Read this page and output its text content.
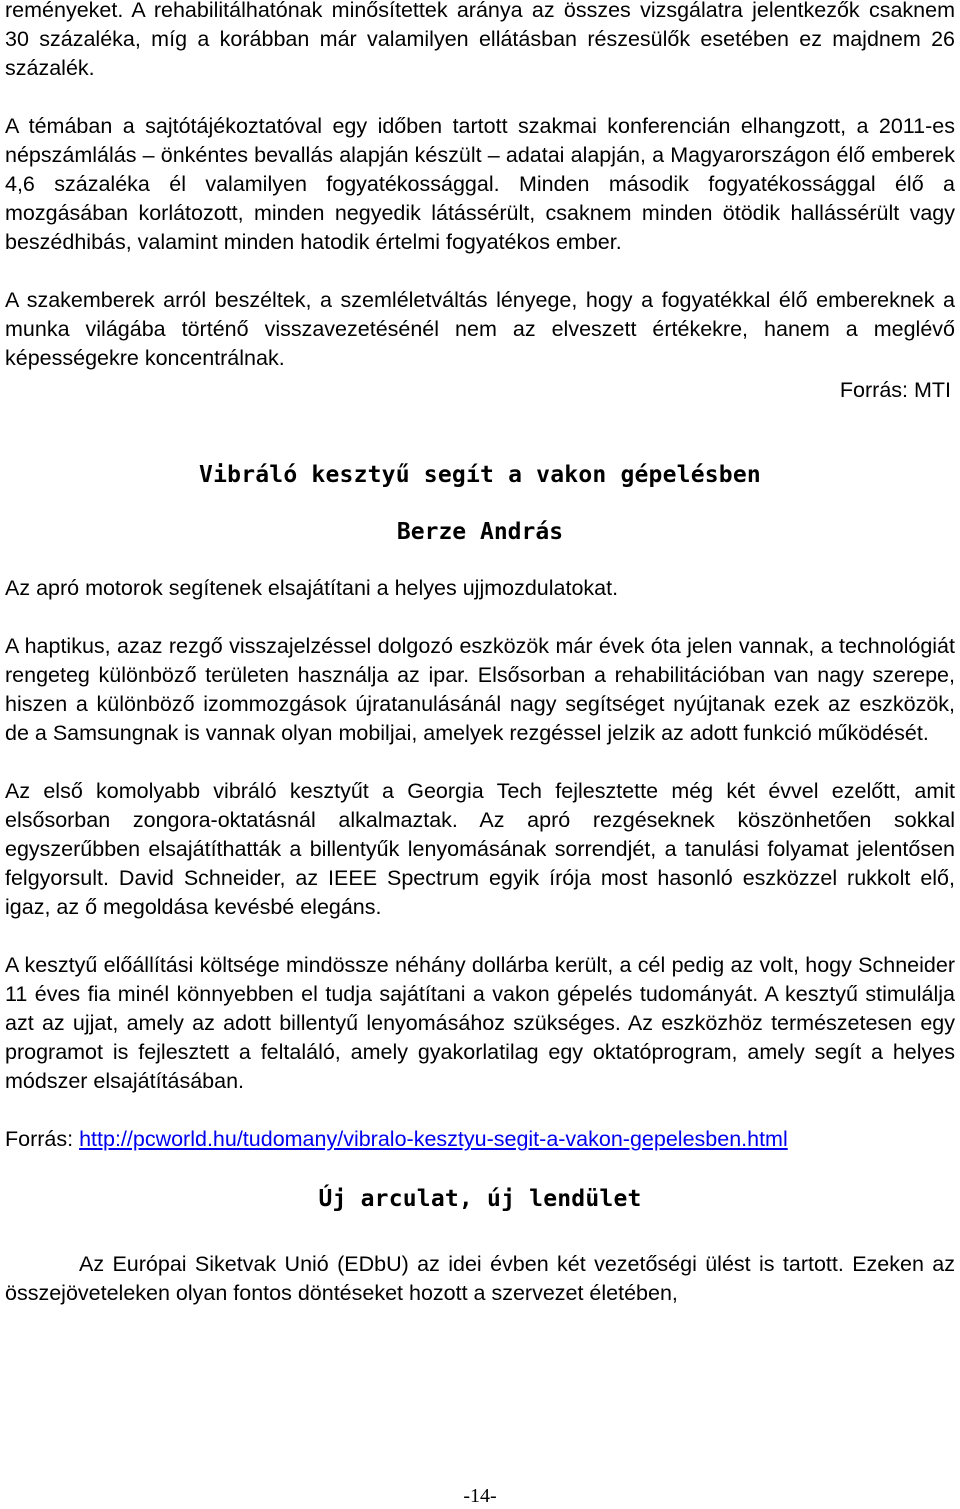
reményeket. A rehabilitálhatónak minősítettek aránya az összes vizsgálatra jelentkezők csaknem 30 százaléka, míg a korábban már valamilyen ellátásban részesülők esetében ez majdnem 26 százalék.

A témában a sajtótájékoztatóval egy időben tartott szakmai konferencián elhangzott, a 2011-es népszámlálás – önkéntes bevallás alapján készült – adatai alapján, a Magyarországon élő emberek 4,6 százaléka él valamilyen fogyatékossággal. Minden második fogyatékossággal élő a mozgásában korlátozott, minden negyedik látássérült, csaknem minden ötödik hallássérült vagy beszédhibás, valamint minden hatodik értelmi fogyatékos ember.

A szakemberek arról beszéltek, a szemléletváltás lényege, hogy a fogyatékkal élő embereknek a munka világába történő visszavezetésénél nem az elveszett értékekre, hanem a meglévő képességekre koncentrálnak.

Forrás: MTI

Vibráló kesztyű segít a vakon gépelésben
Berze András

Az apró motorok segítenek elsajátítani a helyes ujjmozdulatokat.

A haptikus, azaz rezgő visszajelzéssel dolgozó eszközök már évek óta jelen vannak, a technológiát rengeteg különböző területen használja az ipar. Elsősorban a rehabilitációban van nagy szerepe, hiszen a különböző izommozgások újratanulásánál nagy segítséget nyújtanak ezek az eszközök, de a Samsungnak is vannak olyan mobiljai, amelyek rezgéssel jelzik az adott funkció működését.

Az első komolyabb vibráló kesztyűt a Georgia Tech fejlesztette még két évvel ezelőtt, amit elsősorban zongora-oktatásnál alkalmaztak. Az apró rezgéseknek köszönhetően sokkal egyszerűbben elsajátíthatták a billentyűk lenyomásának sorrendjét, a tanulási folyamat jelentősen felgyorsult. David Schneider, az IEEE Spectrum egyik írója most hasonló eszközzel rukkolt elő, igaz, az ő megoldása kevésbé elegáns.

A kesztyű előállítási költsége mindössze néhány dollárba került, a cél pedig az volt, hogy Schneider 11 éves fia minél könnyebben el tudja sajátítani a vakon gépelés tudományát. A kesztyű stimulálja azt az ujjat, amely az adott billentyű lenyomásához szükséges. Az eszközhöz természetesen egy programot is fejlesztett a feltaláló, amely gyakorlatilag egy oktatóprogram, amely segít a helyes módszer elsajátításában.

Forrás: http://pcworld.hu/tudomany/vibralo-kesztyu-segit-a-vakon-gepelesben.html

Új arculat, új lendület

Az Európai Siketvak Unió (EDbU) az idei évben két vezetőségi ülést is tartott. Ezeken az összejöveteleken olyan fontos döntéseket hozott a szervezet életében,

-14-
